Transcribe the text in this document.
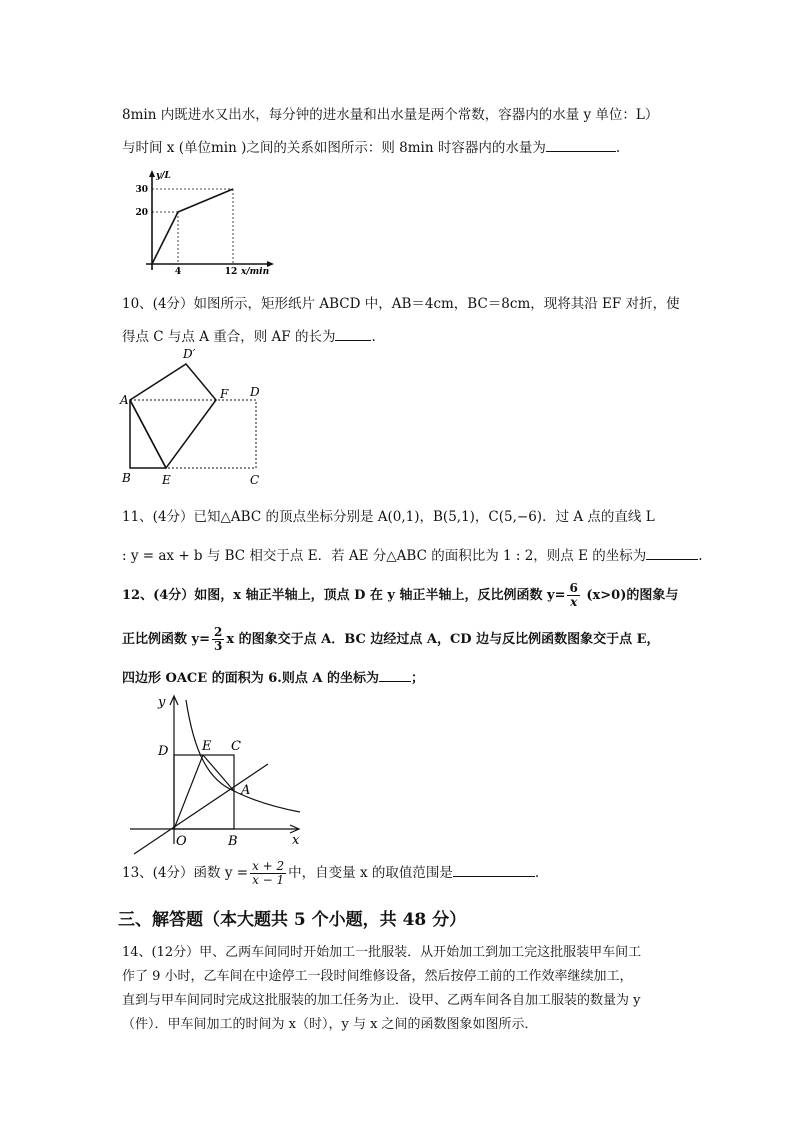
8min 内既进水又出水，每分钟的进水量和出水量是两个常数，容器内的水量 y 单位：L）
与时间 x (单位min )之间的关系如图所示：则 8min 时容器内的水量为	.
y/L
30
20
4	12 x/min
10、(4分）如图所示，矩形纸片 ABCD 中，AB＝4cm，BC＝8cm，现将其沿 EF 对折，使
得点 C 与点 A 重合，则 AF 的长为	.
A
B	E	C
F D
D′
11、(4分）已知△ABC 的顶点坐标分别是 A(0,1)，B(5,1)，C(5,−6)．过 A 点的直线 L
: y = ax + b 与 BC 相交于点 E．若 AE 分△ABC 的面积比为 1 : 2，则点 E 的坐标为	.
12、(4分）如图，x 轴正半轴上，顶点 D 在 y 轴正半轴上，反比例函数 $y= \frac{6}{x} (x>0)$的图象与
正比例函数 $y= \frac{2}{3}$ x 的图象交于点 A．BC 边经过点 A，CD 边与反比例函数图象交于点 E，
四边形 OACE 的面积为 6.则点 A 的坐标为 ；
y
x
O	B
D	E C
A
13、(4分）函数 $y = \frac{x + 2}{x - 1}$ 中，自变量 x 的取值范围是	.
三、解答题（本大题共 5 个小题，共 48 分）
14、(12分）甲、乙两车间同时开始加工一批服装．从开始加工到加工完这批服装甲车间工
作了 9 小时，乙车间在中途停工一段时间维修设备，然后按停工前的工作效率继续加工，
直到与甲车间同时完成这批服装的加工任务为止．设甲、乙两车间各自加工服装的数量为 y
（件）．甲车间加工的时间为 x（时），y 与 x 之间的函数图象如图所示．
